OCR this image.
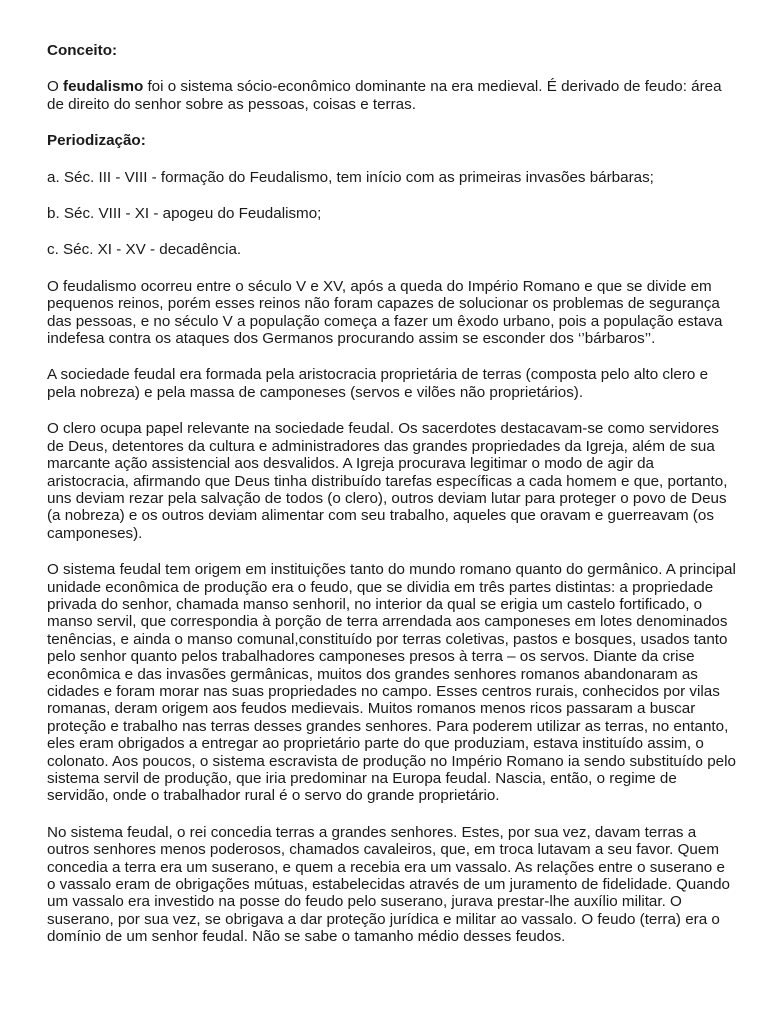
Conceito:

O feudalismo foi o sistema sócio-econômico dominante na era medieval. É derivado de feudo: área de direito do senhor sobre as pessoas, coisas e terras.

Periodização:

a. Séc. III - VIII - formação do Feudalismo, tem início com as primeiras invasões bárbaras;

b. Séc. VIII - XI - apogeu do Feudalismo;

c. Séc. XI - XV - decadência.

O feudalismo ocorreu entre o século V e XV, após a queda do Império Romano e que se divide em pequenos reinos, porém esses reinos não foram capazes de solucionar os problemas de segurança das pessoas, e no século V a população começa a fazer um êxodo urbano, pois a população estava indefesa contra os ataques dos Germanos procurando assim se esconder dos ‘’bárbaros’’.

A sociedade feudal era formada pela aristocracia proprietária de terras (composta pelo alto clero e pela nobreza) e pela massa de camponeses (servos e vilões não proprietários).

O clero ocupa papel relevante na sociedade feudal. Os sacerdotes destacavam-se como servidores de Deus, detentores da cultura e administradores das grandes propriedades da Igreja, além de sua marcante ação assistencial aos desvalidos. A Igreja procurava legitimar o modo de agir da aristocracia, afirmando que Deus tinha distribuído tarefas específicas a cada homem e que, portanto, uns deviam rezar pela salvação de todos (o clero), outros deviam lutar para proteger o povo de Deus (a nobreza) e os outros deviam alimentar com seu trabalho, aqueles que oravam e guerreavam (os camponeses).

O sistema feudal tem origem em instituições tanto do mundo romano quanto do germânico. A principal unidade econômica de produção era o feudo, que se dividia em três partes distintas: a propriedade privada do senhor, chamada manso senhoril, no interior da qual se erigia um castelo fortificado, o manso servil, que correspondia à porção de terra arrendada aos camponeses em lotes denominados tenências, e ainda o manso comunal,constituído por terras coletivas, pastos e bosques, usados tanto pelo senhor quanto pelos trabalhadores camponeses presos à terra – os servos. Diante da crise econômica e das invasões germânicas, muitos dos grandes senhores romanos abandonaram as cidades e foram morar nas suas propriedades no campo. Esses centros rurais, conhecidos por vilas romanas, deram origem aos feudos medievais. Muitos romanos menos ricos passaram a buscar proteção e trabalho nas terras desses grandes senhores. Para poderem utilizar as terras, no entanto, eles eram obrigados a entregar ao proprietário parte do que produziam, estava instituído assim, o colonato. Aos poucos, o sistema escravista de produção no Império Romano ia sendo substituído pelo sistema servil de produção, que iria predominar na Europa feudal. Nascia, então, o regime de servidão, onde o trabalhador rural é o servo do grande proprietário.

No sistema feudal, o rei concedia terras a grandes senhores. Estes, por sua vez, davam terras a outros senhores menos poderosos, chamados cavaleiros, que, em troca lutavam a seu favor. Quem concedia a terra era um suserano, e quem a recebia era um vassalo. As relações entre o suserano e o vassalo eram de obrigações mútuas, estabelecidas através de um juramento de fidelidade. Quando um vassalo era investido na posse do feudo pelo suserano, jurava prestar-lhe auxílio militar. O suserano, por sua vez, se obrigava a dar proteção jurídica e militar ao vassalo. O feudo (terra) era o domínio de um senhor feudal. Não se sabe o tamanho médio desses feudos.
